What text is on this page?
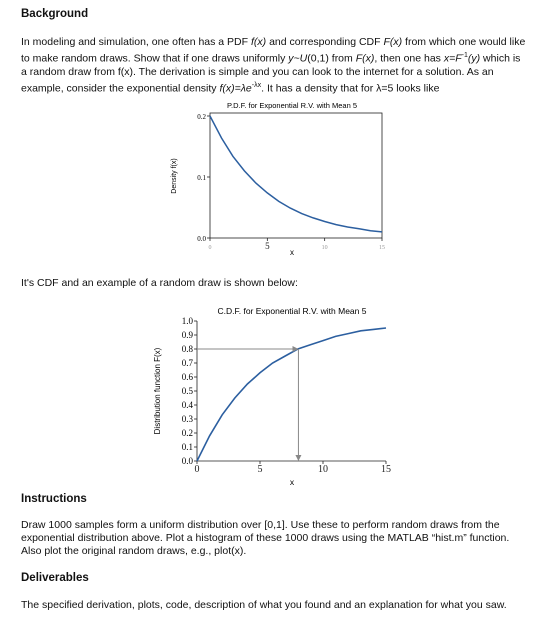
Background
In modeling and simulation, one often has a PDF f(x) and corresponding CDF F(x) from which one would like to make random draws. Show that if one draws uniformly y~U(0,1) from F(x), then one has $x=F^{-1}(y)$ which is a random draw from f(x). The derivation is simple and you can look to the internet for a solution. As an example, consider the exponential density $f(x)=\lambda e^{-\lambda x}$. It has a density that for λ=5 looks like
P.D.F. for Exponential R.V. with Mean 5
0.0
0.1
0.2
0	5	10	15
Density f(x)
x
It's CDF and an example of a random draw is shown below:
C.D.F. for Exponential R.V. with Mean 5
0.0
0.1
0.2
0.3
0.4
0.5
0.6
0.7
0.8
0.9
1.0
0	5	10	15
Distribution function F(x)
x
Instructions
Draw 1000 samples form a uniform distribution over [0,1]. Use these to perform random draws from the exponential distribution above. Plot a histogram of these 1000 draws using the MATLAB “hist.m” function. Also plot the original random draws, e.g., plot(x).
Deliverables
The specified derivation, plots, code, description of what you found and an explanation for what you saw.
